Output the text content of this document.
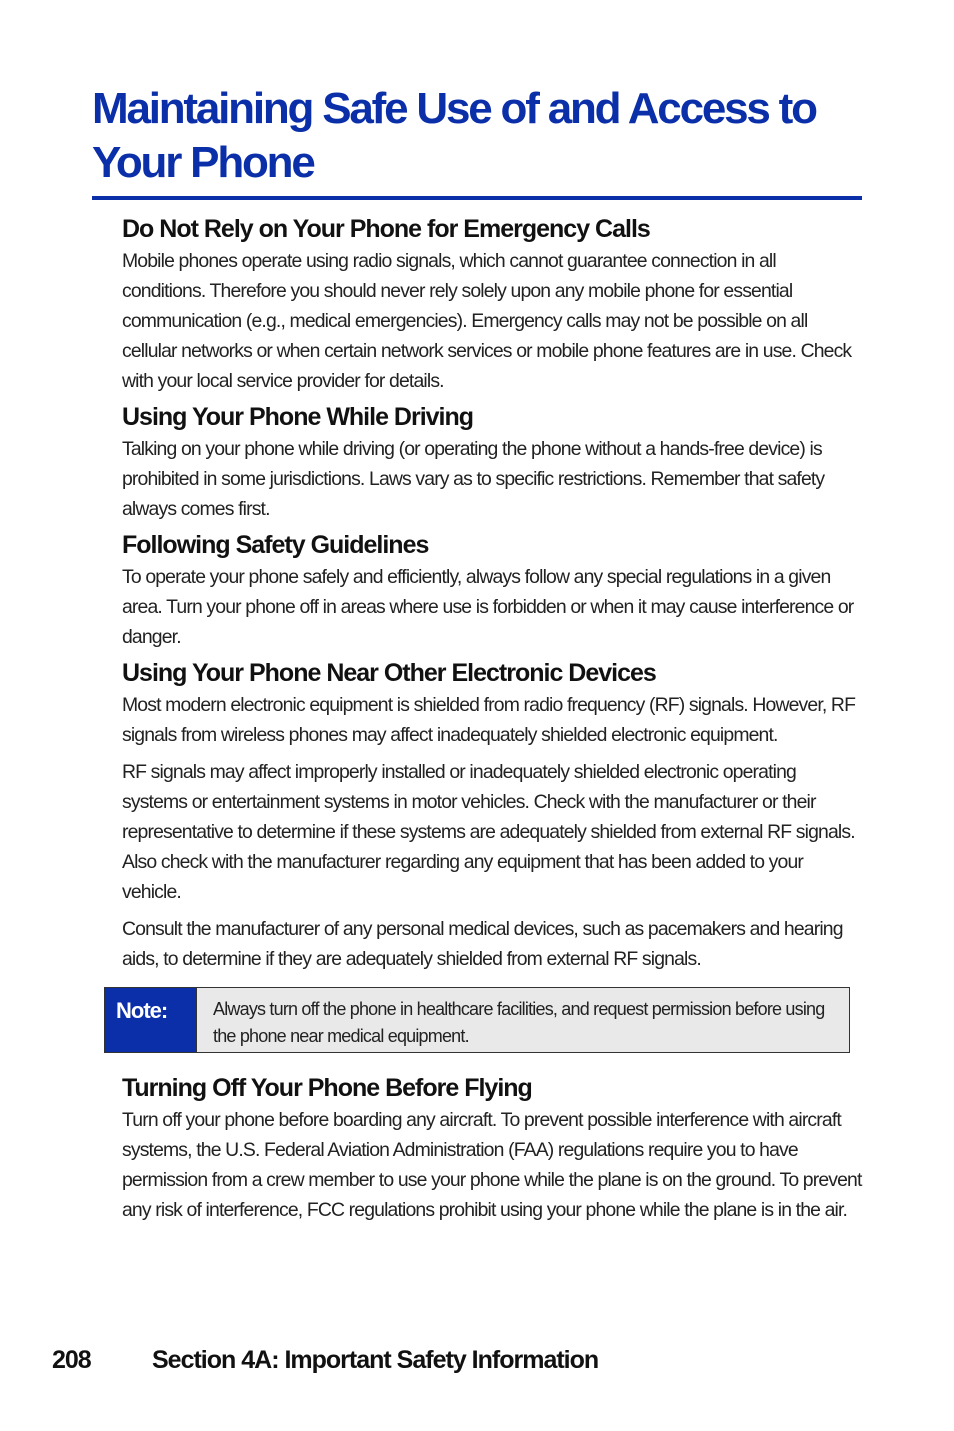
Maintaining Safe Use of and Access to Your Phone
Do Not Rely on Your Phone for Emergency Calls

Mobile phones operate using radio signals, which cannot guarantee connection in all conditions. Therefore you should never rely solely upon any mobile phone for essential communication (e.g., medical emergencies). Emergency calls may not be possible on all cellular networks or when certain network services or mobile phone features are in use. Check with your local service provider for details.

Using Your Phone While Driving

Talking on your phone while driving (or operating the phone without a hands-free device) is prohibited in some jurisdictions. Laws vary as to specific restrictions. Remember that safety always comes first.

Following Safety Guidelines

To operate your phone safely and efficiently, always follow any special regulations in a given area. Turn your phone off in areas where use is forbidden or when it may cause interference or danger.

Using Your Phone Near Other Electronic Devices

Most modern electronic equipment is shielded from radio frequency (RF) signals. However, RF signals from wireless phones may affect inadequately shielded electronic equipment.

RF signals may affect improperly installed or inadequately shielded electronic operating systems or entertainment systems in motor vehicles. Check with the manufacturer or their representative to determine if these systems are adequately shielded from external RF signals. Also check with the manufacturer regarding any equipment that has been added to your vehicle.

Consult the manufacturer of any personal medical devices, such as pacemakers and hearing aids, to determine if they are adequately shielded from external RF signals.

Note:	Always turn off the phone in healthcare facilities, and request permission before using the phone near medical equipment.
Turning Off Your Phone Before Flying

Turn off your phone before boarding any aircraft. To prevent possible interference with aircraft systems, the U.S. Federal Aviation Administration (FAA) regulations require you to have permission from a crew member to use your phone while the plane is on the ground. To prevent any risk of interference, FCC regulations prohibit using your phone while the plane is in the air.

208 Section 4A: Important Safety Information
